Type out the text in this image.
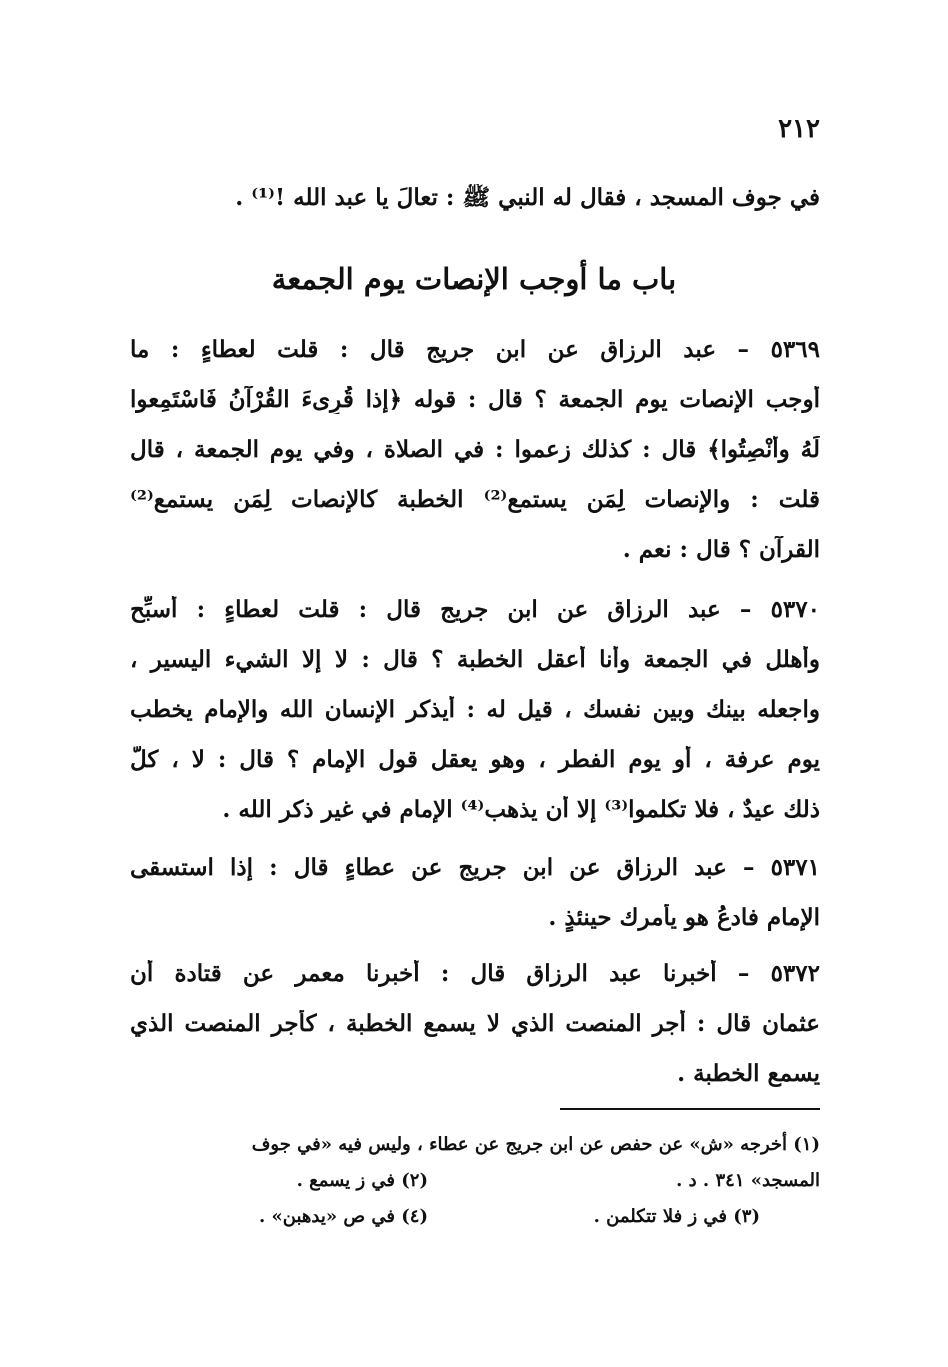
٢١٢
في جوف المسجد ، فقال له النبي ﷺ : تعالَ يا عبد الله !⁽¹⁾ .
باب ما أوجب الإنصات يوم الجمعة
٥٣٦٩ – عبد الرزاق عن ابن جريج قال : قلت لعطاءٍ : ما
أوجب الإنصات يوم الجمعة ؟ قال : قوله ﴿إذا قُرِىءَ القُرْآنُ فَاسْتَمِعوا
لَهُ وأنْصِتُوا﴾ قال : كذلك زعموا : في الصلاة ، وفي يوم الجمعة ، قال
قلت : والإنصات لِمَن يستمع⁽²⁾ الخطبة كالإنصات لِمَن يستمع⁽²⁾
القرآن ؟ قال : نعم .
٥٣٧٠ – عبد الرزاق عن ابن جريج قال : قلت لعطاءٍ : أُسبِّح
وأُهلل في الجمعة وأنا أعقل الخطبة ؟ قال : لا إلا الشيء اليسير ،
واجعله بينك وبين نفسك ، قيل له : أيذكر الإنسان الله والإمام يخطب
يوم عرفة ، أو يوم الفطر ، وهو يعقل قول الإمام ؟ قال : لا ، كلُّ
ذلك عيدٌ ، فلا تكلموا⁽³⁾ إلا أن يذهب⁽⁴⁾ الإمام في غير ذكر الله .
٥٣٧١ – عبد الرزاق عن ابن جريج عن عطاءٍ قال : إذا استسقى
الإمام فادعُ هو يأْمرك حينئذٍ .
٥٣٧٢ – أخبرنا عبد الرزاق قال : أخبرنا معمر عن قتادة أن
عثمان قال : أجر المنصت الذي لا يسمع الخطبة ، كأَجر المنصت الذي
يسمع الخطبة .
(١) أخرجه «ش» عن حفص عن ابن جريج عن عطاء ، وليس فيه «في جوف
المسجد» ٣٤١ . د .
(٢) في ز يسمع .
(٣) في ز فلا تتكلمن .
(٤) في ص «يدهبن» .
